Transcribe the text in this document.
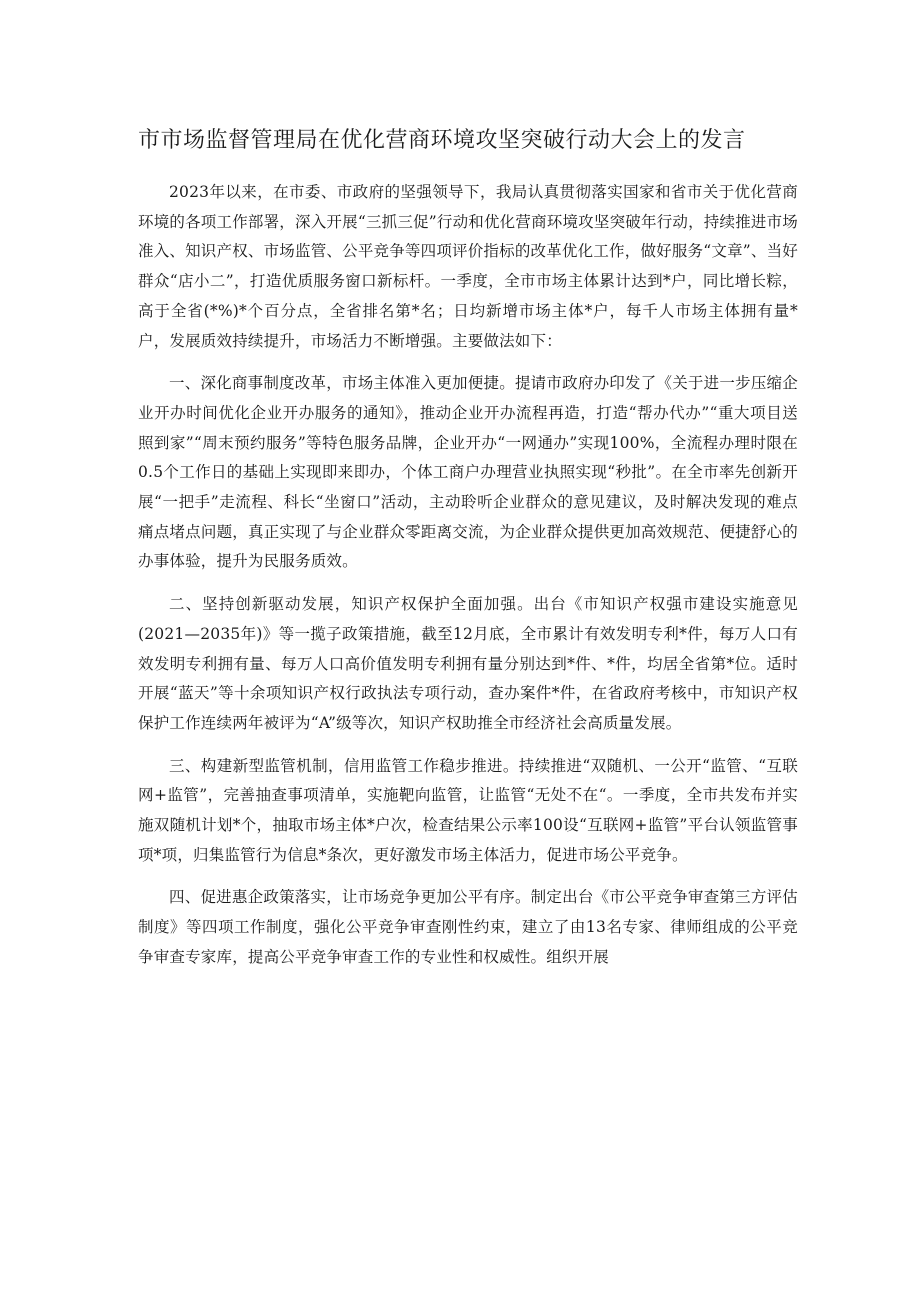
市市场监督管理局在优化营商环境攻坚突破行动大会上的发言

2023年以来，在市委、市政府的坚强领导下，我局认真贯彻落实国家和省市关于优化营商环境的各项工作部署，深入开展“三抓三促”行动和优化营商环境攻坚突破年行动，持续推进市场准入、知识产权、市场监管、公平竞争等四项评价指标的改革优化工作，做好服务“文章”、当好群众“店小二”，打造优质服务窗口新标杆。一季度，全市市场主体累计达到*户，同比增长粽，高于全省(*%)*个百分点，全省排名第*名；日均新增市场主体*户，每千人市场主体拥有量*户，发展质效持续提升，市场活力不断增强。主要做法如下：

一、深化商事制度改革，市场主体准入更加便捷。提请市政府办印发了《关于进一步压缩企业开办时间优化企业开办服务的通知》，推动企业开办流程再造，打造“帮办代办”“重大项目送照到家”“周末预约服务”等特色服务品牌，企业开办“一网通办”实现100%，全流程办理时限在0.5个工作日的基础上实现即来即办，个体工商户办理营业执照实现“秒批”。在全市率先创新开展“一把手”走流程、科长“坐窗口”活动，主动聆听企业群众的意见建议，及时解决发现的难点痛点堵点问题，真正实现了与企业群众零距离交流，为企业群众提供更加高效规范、便捷舒心的办事体验，提升为民服务质效。

二、坚持创新驱动发展，知识产权保护全面加强。出台《市知识产权强市建设实施意见(2021—2035年)》等一揽子政策措施，截至12月底，全市累计有效发明专利*件，每万人口有效发明专利拥有量、每万人口高价值发明专利拥有量分别达到*件、*件，均居全省第*位。适时开展“蓝天”等十余项知识产权行政执法专项行动，查办案件*件，在省政府考核中，市知识产权保护工作连续两年被评为“A”级等次，知识产权助推全市经济社会高质量发展。

三、构建新型监管机制，信用监管工作稳步推进。持续推进“双随机、一公开“监管、“互联网+监管”，完善抽查事项清单，实施靶向监管，让监管“无处不在“。一季度，全市共发布并实施双随机计划*个，抽取市场主体*户次，检查结果公示率100设“互联网+监管”平台认领监管事项*项，归集监管行为信息*条次，更好激发市场主体活力，促进市场公平竞争。

四、促进惠企政策落实，让市场竞争更加公平有序。制定出台《市公平竞争审查第三方评估制度》等四项工作制度，强化公平竞争审查刚性约束，建立了由13名专家、律师组成的公平竞争审查专家库，提高公平竞争审查工作的专业性和权威性。组织开展
